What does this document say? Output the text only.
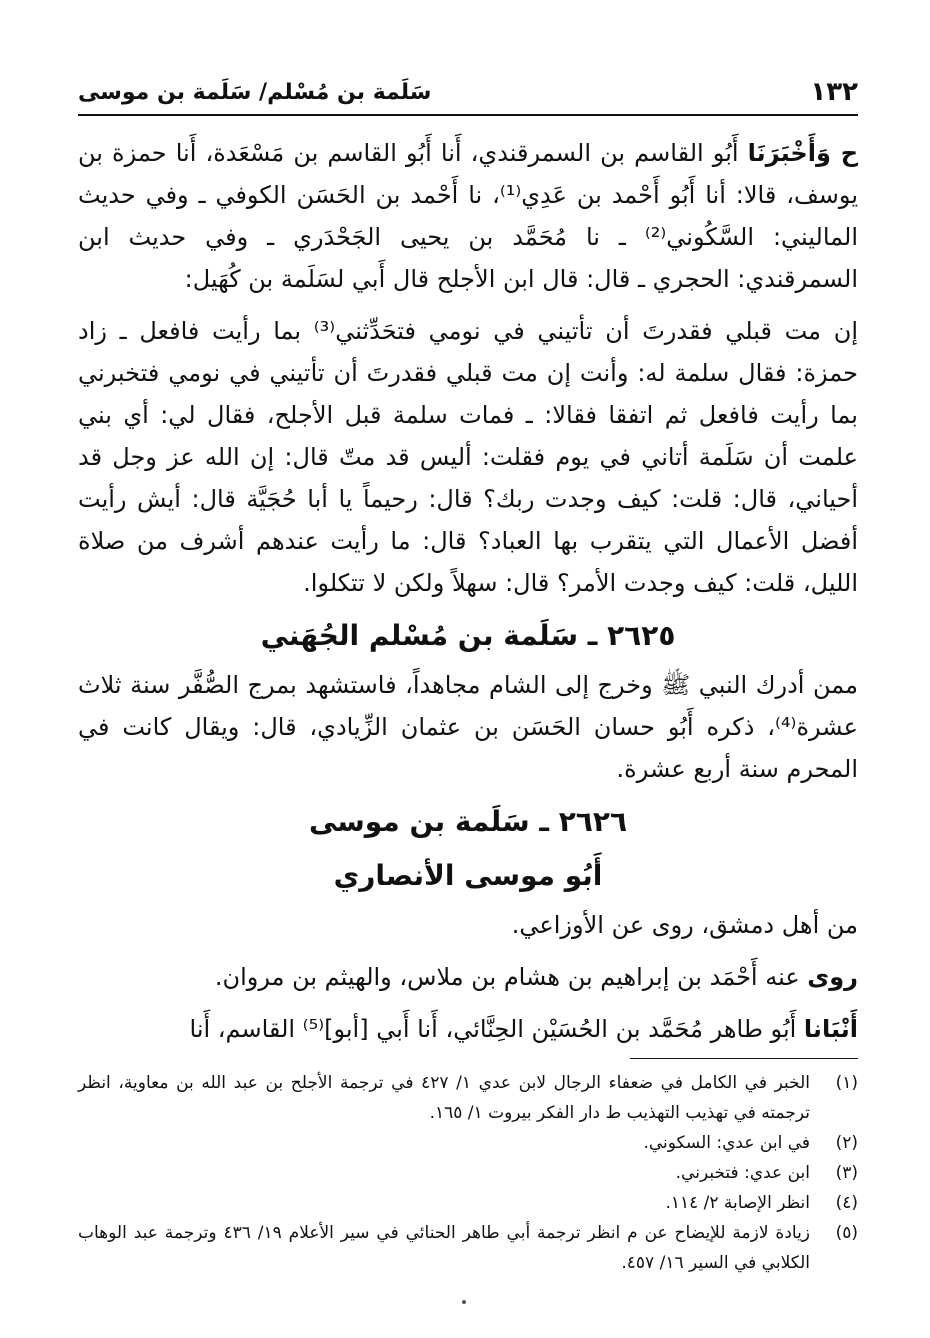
١٣٢
سَلَمة بن مُسْلم/ سَلَمة بن موسى

ح وَأَخْبَرَنَا أَبُو القاسم بن السمرقندي، أَنا أَبُو القاسم بن مَسْعَدة، أَنا حمزة بن يوسف، قالا: أنا أَبُو أَحْمد بن عَدِي⁽¹⁾، نا أَحْمد بن الحَسَن الكوفي ـ وفي حديث الماليني: السَّكُوني⁽²⁾ ـ نا مُحَمَّد بن يحيى الجَحْدَري ـ وفي حديث ابن السمرقندي: الحجري ـ قال: قال ابن الأجلح قال أَبي لسَلَمة بن كُهَيل:

إن مت قبلي فقدرتَ أن تأتيني في نومي فتحَدِّثني⁽³⁾ بما رأيت فافعل ـ زاد حمزة: فقال سلمة له: وأنت إن مت قبلي فقدرتَ أن تأتيني في نومي فتخبرني بما رأيت فافعل ثم اتفقا فقالا: ـ فمات سلمة قبل الأجلح، فقال لي: أي بني علمت أن سَلَمة أتاني في يوم فقلت: أليس قد متّ قال: إن الله عز وجل قد أحياني، قال: قلت: كيف وجدت ربك؟ قال: رحيماً يا أبا حُجَيَّة قال: أيش رأيت أفضل الأعمال التي يتقرب بها العباد؟ قال: ما رأيت عندهم أشرف من صلاة الليل، قلت: كيف وجدت الأمر؟ قال: سهلاً ولكن لا تتكلوا.

٢٦٢٥ ـ سَلَمة بن مُسْلم الجُهَني

ممن أدرك النبي ﷺ وخرج إلى الشام مجاهداً، فاستشهد بمرج الصُّفَّر سنة ثلاث عشرة⁽⁴⁾، ذكره أَبُو حسان الحَسَن بن عثمان الزِّيادي، قال: ويقال كانت في المحرم سنة أربع عشرة.

٢٦٢٦ ـ سَلَمة بن موسى
أَبُو موسى الأنصاري

من أهل دمشق، روى عن الأوزاعي.

روى عنه أَحْمَد بن إبراهيم بن هشام بن ملاس، والهيثم بن مروان.

أَنْبَانا أَبُو طاهر مُحَمَّد بن الحُسَيْن الحِنَّائي، أَنا أَبي [أبو]⁽⁵⁾ القاسم، أَنا

(١)
الخبر في الكامل في ضعفاء الرجال لابن عدي ١/ ٤٢٧ في ترجمة الأجلح بن عبد الله بن معاوية، انظر ترجمته في تهذيب التهذيب ط دار الفكر بيروت ١/ ١٦٥.
(٢)
في ابن عدي: السكوني.
(٣)
ابن عدي: فتخبرني.
(٤)
انظر الإصابة ٢/ ١١٤.
(٥)
زيادة لازمة للإيضاح عن م انظر ترجمة أبي طاهر الحنائي في سير الأعلام ١٩/ ٤٣٦ وترجمة عبد الوهاب الكلابي في السير ١٦/ ٤٥٧.
